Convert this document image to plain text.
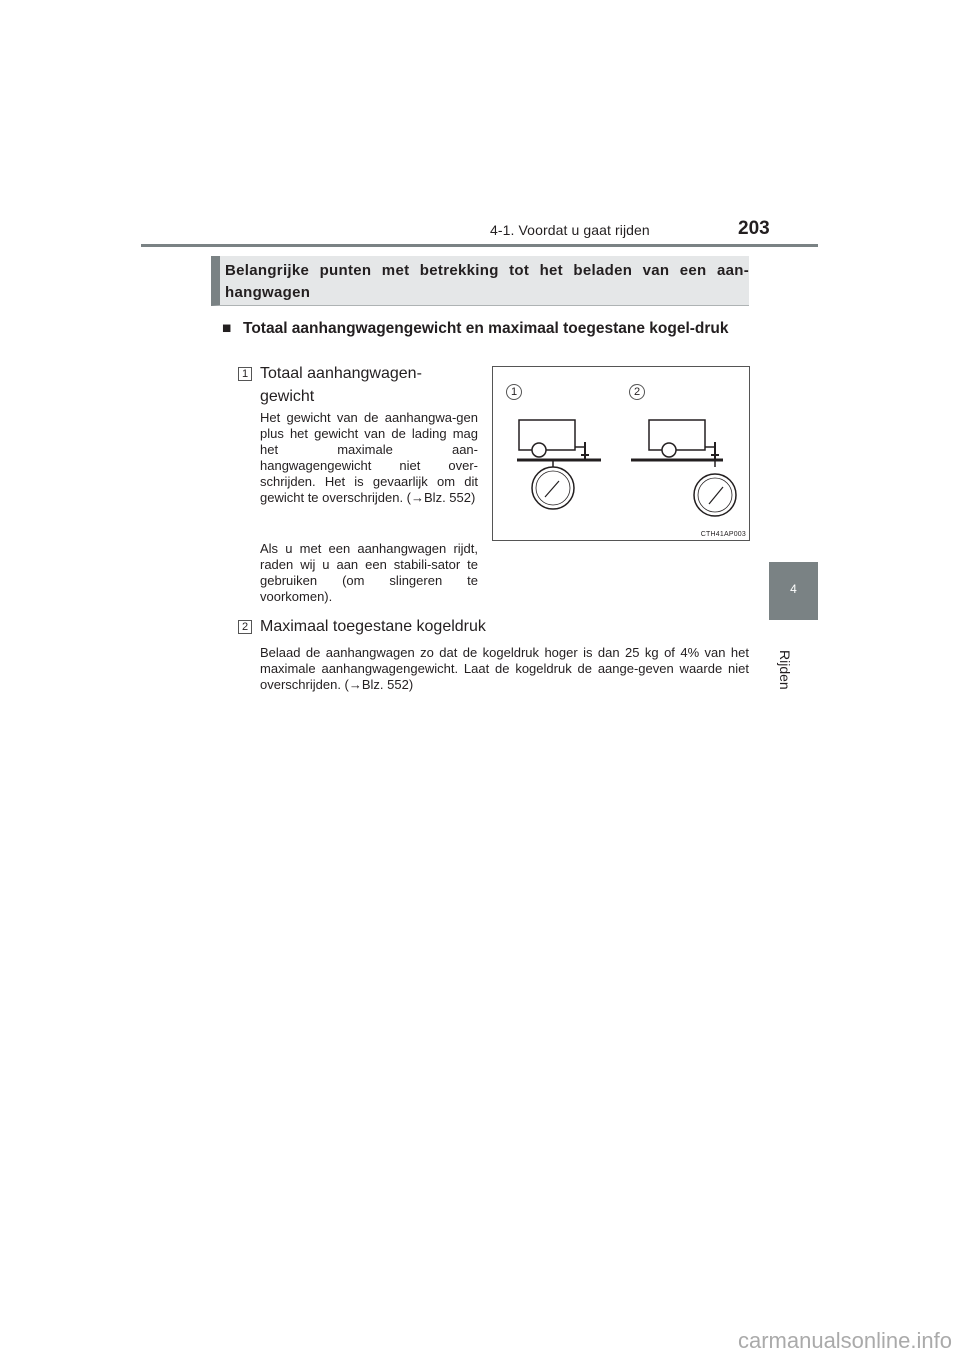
4-1. Voordat u gaat rijden	203
4
Rijden
Belangrijke punten met betrekking tot het beladen van een aan-hangwagen
■ Totaal aanhangwagengewicht en maximaal toegestane kogel-druk
1 Totaal aanhangwagen-gewicht
Het gewicht van de aanhangwa-gen plus het gewicht van de lading mag het maximale aan-hangwagengewicht niet over-schrijden. Het is gevaarlijk om dit gewicht te overschrijden. (→Blz. 552)
Als u met een aanhangwagen rijdt, raden wij u aan een stabili-sator te gebruiken (om slingeren te voorkomen).
2 Maximaal toegestane kogeldruk
Belaad de aanhangwagen zo dat de kogeldruk hoger is dan 25 kg of 4% van het maximale aanhangwagengewicht. Laat de kogeldruk de aange-geven waarde niet overschrijden. (→Blz. 552)
1	2
CTH41AP003
carmanualsonline.info
